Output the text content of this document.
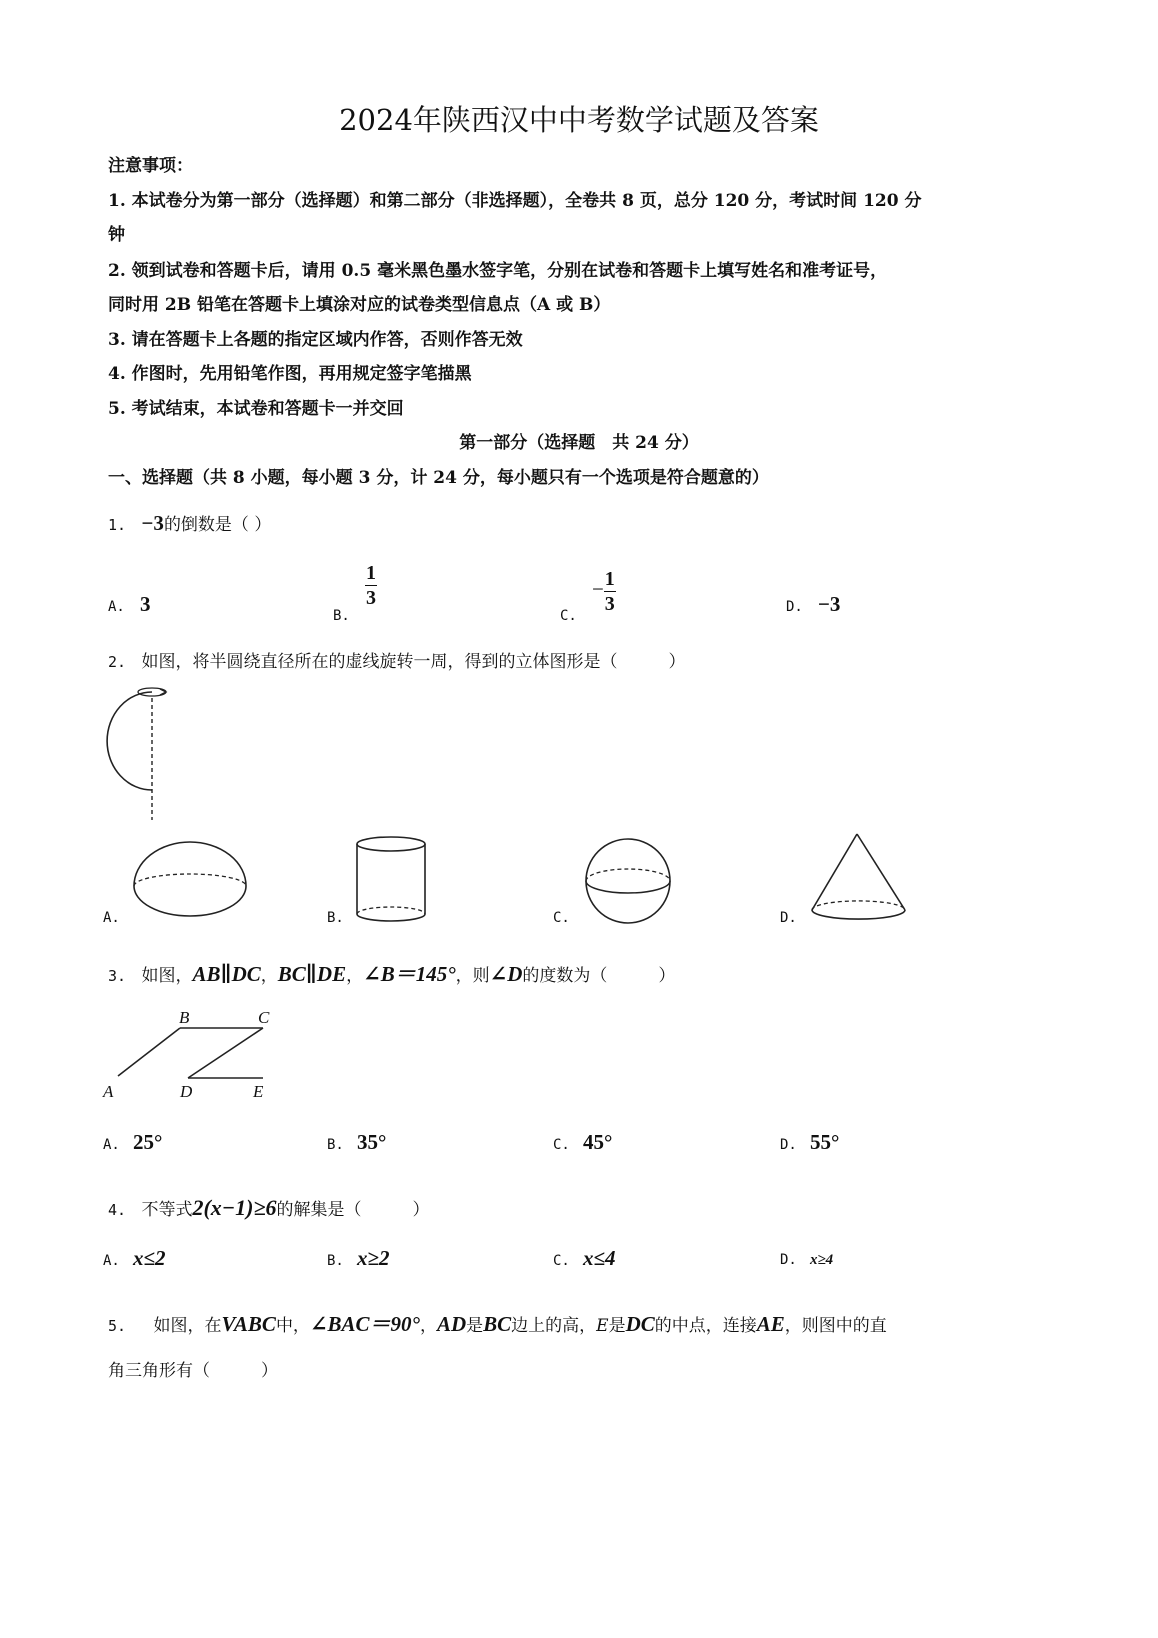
2024年陕西汉中中考数学试题及答案
注意事项：
1. 本试卷分为第一部分（选择题）和第二部分（非选择题），全卷共 8 页，总分 120 分，考试时间 120 分
钟
2. 领到试卷和答题卡后，请用 0.5 毫米黑色墨水签字笔，分别在试卷和答题卡上填写姓名和准考证号，
同时用 2B 铅笔在答题卡上填涂对应的试卷类型信息点（A 或 B）
3. 请在答题卡上各题的指定区域内作答，否则作答无效
4. 作图时，先用铅笔作图，再用规定签字笔描黑
5. 考试结束，本试卷和答题卡一并交回
第一部分（选择题　共 24 分）
一、选择题（共 8 小题，每小题 3 分，计 24 分，每小题只有一个选项是符合题意的）
1. −3的倒数是（ ）
A. 3	B.
$\frac{1}{3}$
C. − $\frac{1}{3}$	D. −3
2. 如图，将半圆绕直径所在的虚线旋转一周，得到的立体图形是（　　　）
A.	B.	C.	D.
3. 如图，AB∥DC，BC∥DE，∠B＝145°，则∠D的度数为（　　　）
A
B	C
D	E
A. 25°	B. 35°	C. 45°	D. 55°
4. 不等式2(x−1)≥6的解集是（　　　）
A. x≤2	B. x≥2	C. x≤4	D. x≥4
5. 如图，在VABC中，∠BAC＝90°，AD是BC边上的高，E是DC的中点，连接AE，则图中的直
角三角形有（　　　）
